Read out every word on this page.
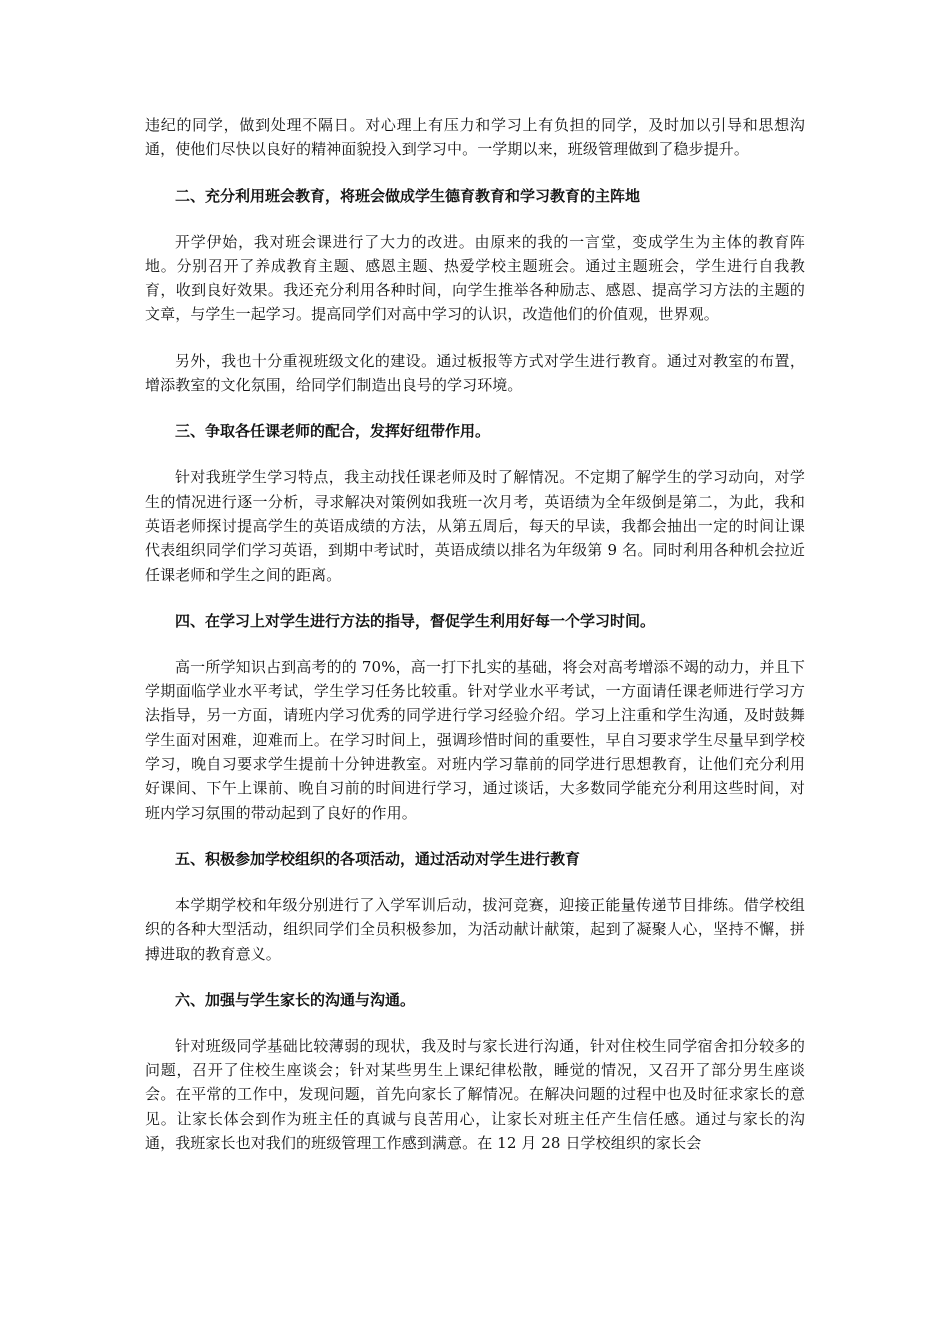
违纪的同学，做到处理不隔日。对心理上有压力和学习上有负担的同学，及时加以引导和思想沟通，使他们尽快以良好的精神面貌投入到学习中。一学期以来，班级管理做到了稳步提升。

二、充分利用班会教育，将班会做成学生德育教育和学习教育的主阵地

开学伊始，我对班会课进行了大力的改进。由原来的我的一言堂，变成学生为主体的教育阵地。分别召开了养成教育主题、感恩主题、热爱学校主题班会。通过主题班会，学生进行自我教育，收到良好效果。我还充分利用各种时间，向学生推举各种励志、感恩、提高学习方法的主题的文章，与学生一起学习。提高同学们对高中学习的认识，改造他们的价值观，世界观。

另外，我也十分重视班级文化的建设。通过板报等方式对学生进行教育。通过对教室的布置，增添教室的文化氛围，给同学们制造出良号的学习环境。

三、争取各任课老师的配合，发挥好纽带作用。

针对我班学生学习特点，我主动找任课老师及时了解情况。不定期了解学生的学习动向，对学生的情况进行逐一分析，寻求解决对策例如我班一次月考，英语绩为全年级倒是第二，为此，我和英语老师探讨提高学生的英语成绩的方法，从第五周后，每天的早读，我都会抽出一定的时间让课代表组织同学们学习英语，到期中考试时，英语成绩以排名为年级第 9 名。同时利用各种机会拉近任课老师和学生之间的距离。

四、在学习上对学生进行方法的指导，督促学生利用好每一个学习时间。

高一所学知识占到高考的的 70%，高一打下扎实的基础，将会对高考增添不竭的动力，并且下学期面临学业水平考试，学生学习任务比较重。针对学业水平考试，一方面请任课老师进行学习方法指导，另一方面，请班内学习优秀的同学进行学习经验介绍。学习上注重和学生沟通，及时鼓舞学生面对困难，迎难而上。在学习时间上，强调珍惜时间的重要性，早自习要求学生尽量早到学校学习，晚自习要求学生提前十分钟进教室。对班内学习靠前的同学进行思想教育，让他们充分利用好课间、下午上课前、晚自习前的时间进行学习，通过谈话，大多数同学能充分利用这些时间，对班内学习氛围的带动起到了良好的作用。

五、积极参加学校组织的各项活动，通过活动对学生进行教育

本学期学校和年级分别进行了入学军训后动，拔河竞赛，迎接正能量传递节目排练。借学校组织的各种大型活动，组织同学们全员积极参加，为活动献计献策，起到了凝聚人心，坚持不懈，拼搏进取的教育意义。

六、加强与学生家长的沟通与沟通。

针对班级同学基础比较薄弱的现状，我及时与家长进行沟通，针对住校生同学宿舍扣分较多的问题，召开了住校生座谈会；针对某些男生上课纪律松散，睡觉的情况，又召开了部分男生座谈会。在平常的工作中，发现问题，首先向家长了解情况。在解决问题的过程中也及时征求家长的意见。让家长体会到作为班主任的真诚与良苦用心，让家长对班主任产生信任感。通过与家长的沟通，我班家长也对我们的班级管理工作感到满意。在 12 月 28 日学校组织的家长会
